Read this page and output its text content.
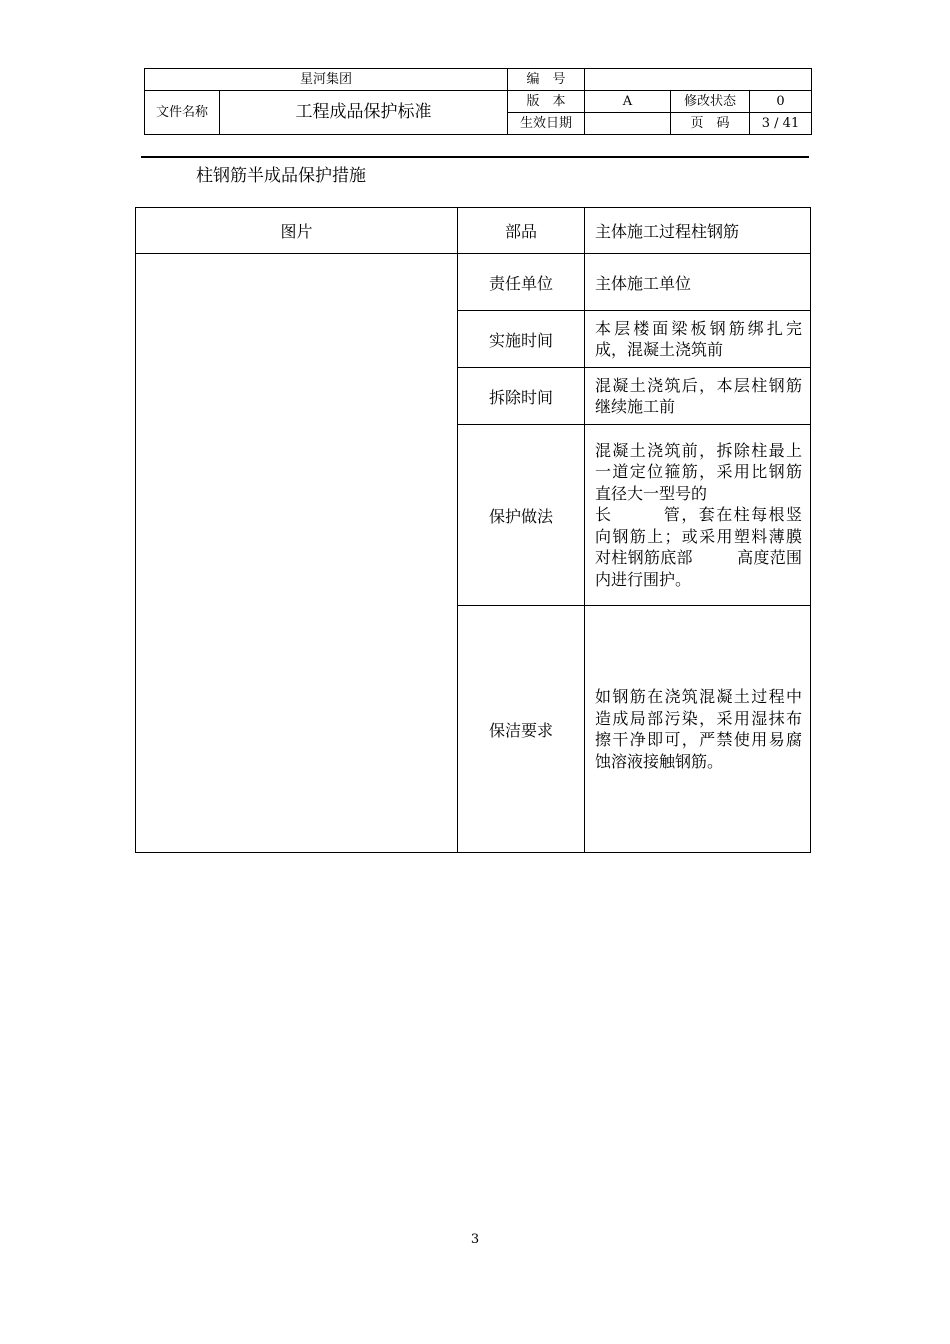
星河集团		编　号			
文件名称	工程成品保护标准	版　本	A	修改状态	0
		生效日期		页　码	3 / 41
柱钢筋半成品保护措施
图片	部品	主体施工过程柱钢筋
	责任单位	主体施工单位
	实施时间	本层楼面梁板钢筋绑扎完成，混凝土浇筑前
	拆除时间	混凝土浇筑后，本层柱钢筋继续施工前
	保护做法	混凝土浇筑前，拆除柱最上一道定位箍筋，采用比钢筋直径大一型号的
长 管，套在柱每根竖向钢筋上；或采用塑料薄膜对柱钢筋底部 高度范围内进行围护。

	保洁要求	如钢筋在浇筑混凝土过程中造成局部污染，采用湿抹布擦干净即可，严禁使用易腐蚀溶液接触钢筋。
3
